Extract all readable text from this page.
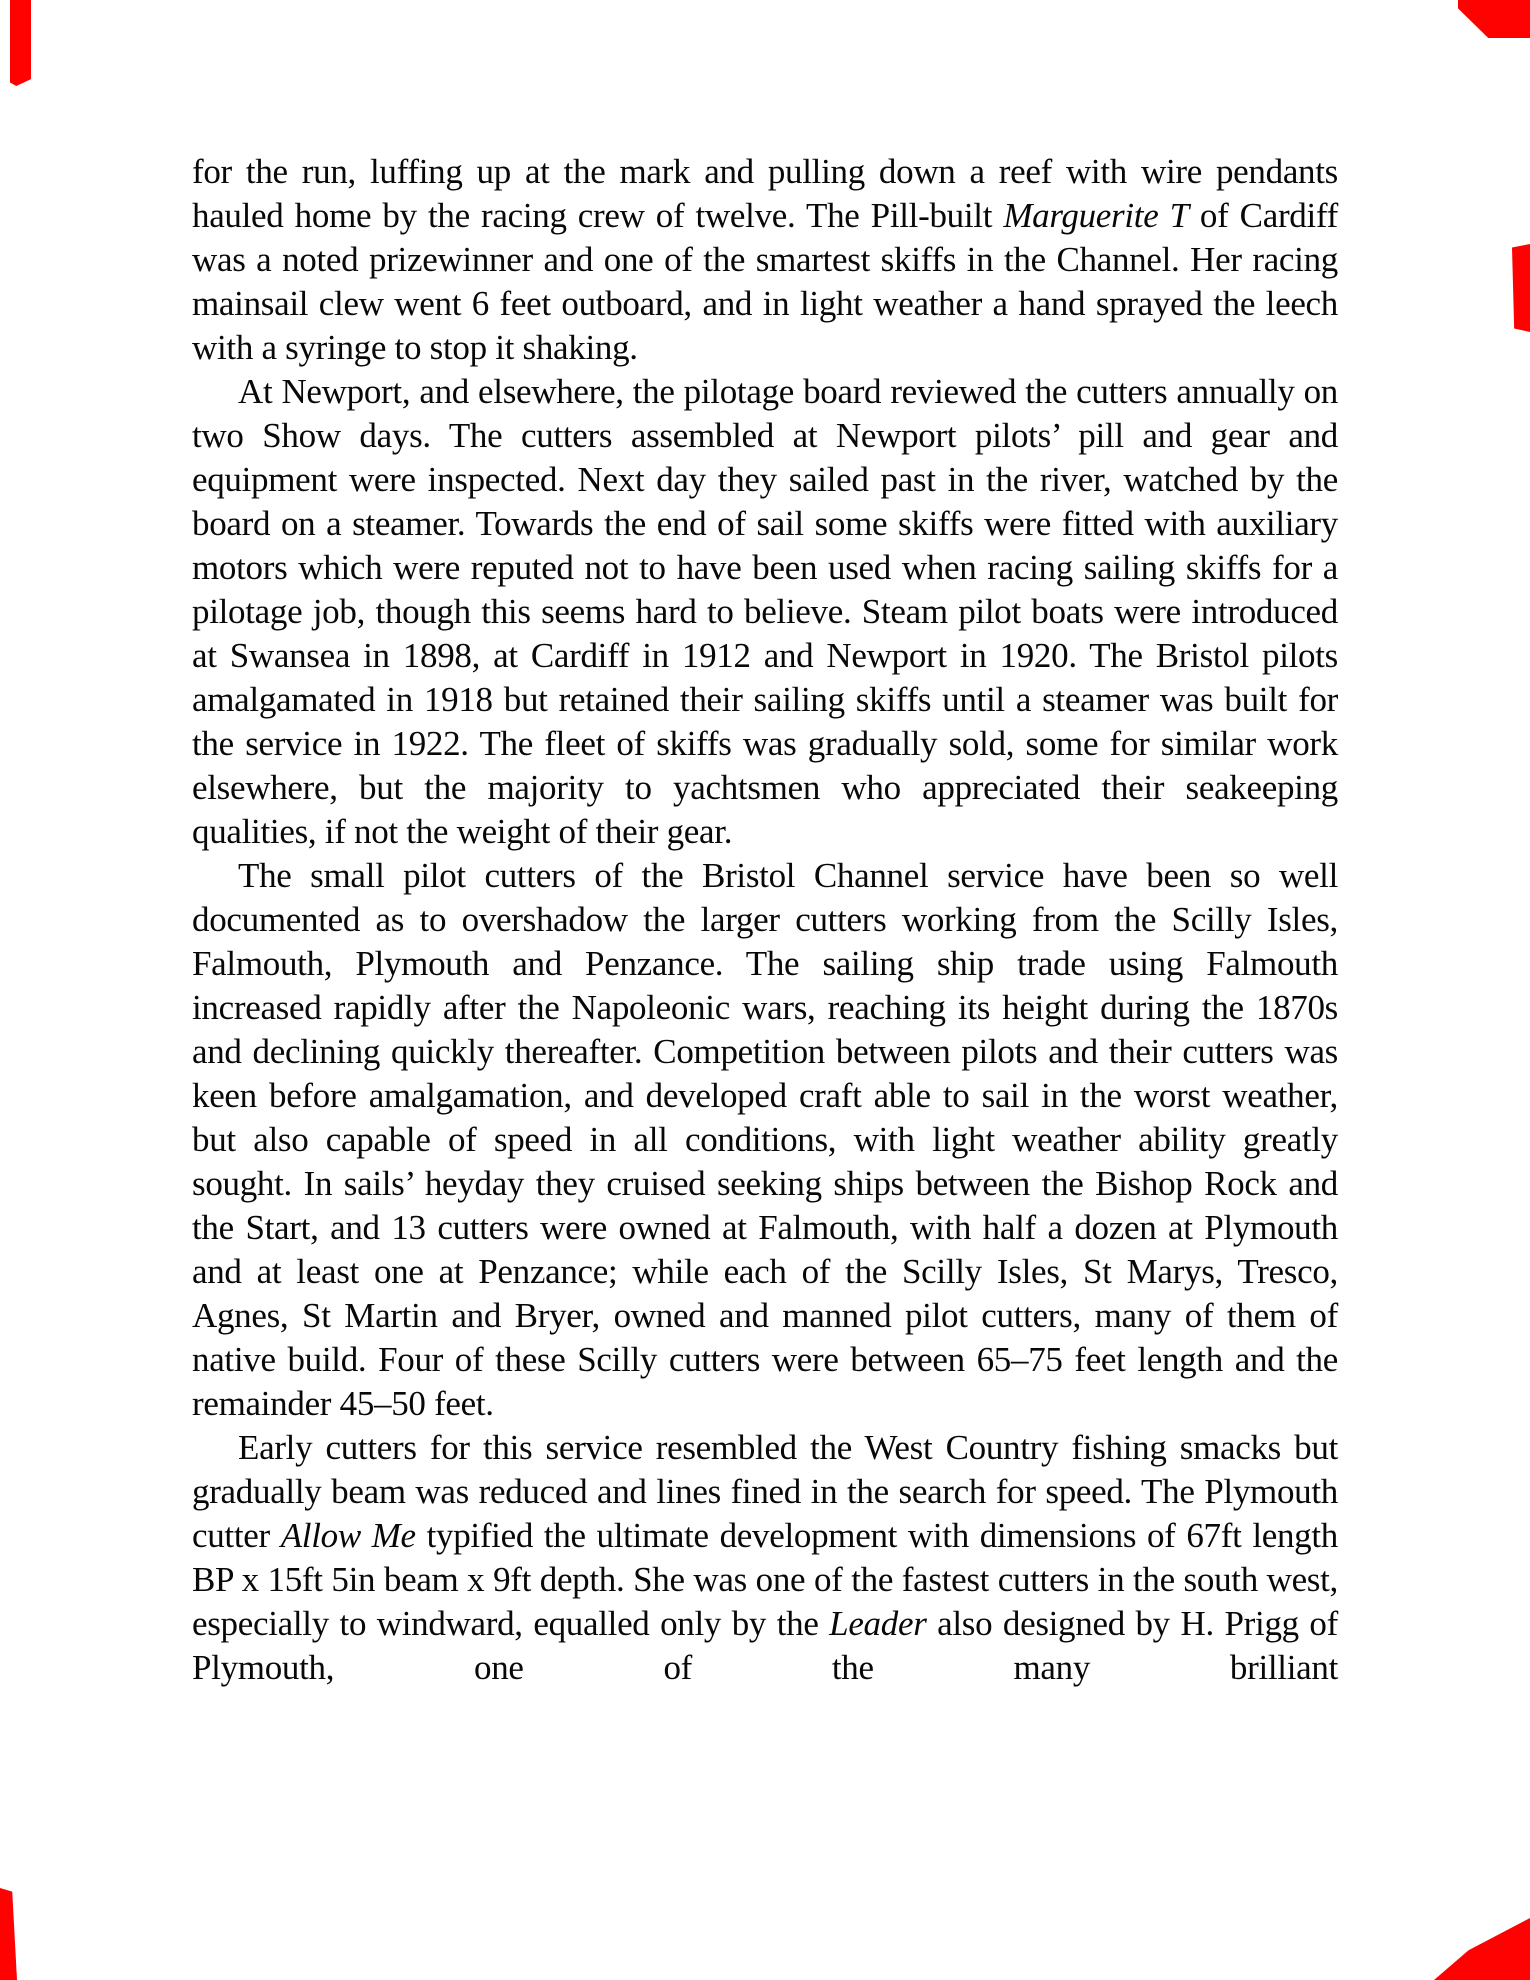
for the run, luffing up at the mark and pulling down a reef with wire pendants hauled home by the racing crew of twelve. The Pill-built Marguerite T of Cardiff was a noted prizewinner and one of the smartest skiffs in the Channel. Her racing mainsail clew went 6 feet outboard, and in light weather a hand sprayed the leech with a syringe to stop it shaking.

At Newport, and elsewhere, the pilotage board reviewed the cutters annually on two Show days. The cutters assembled at Newport pilots’ pill and gear and equipment were inspected. Next day they sailed past in the river, watched by the board on a steamer. Towards the end of sail some skiffs were fitted with auxiliary motors which were reputed not to have been used when racing sailing skiffs for a pilotage job, though this seems hard to believe. Steam pilot boats were introduced at Swansea in 1898, at Cardiff in 1912 and Newport in 1920. The Bristol pilots amalgamated in 1918 but retained their sailing skiffs until a steamer was built for the service in 1922. The fleet of skiffs was gradually sold, some for similar work elsewhere, but the majority to yachtsmen who appreciated their seakeeping qualities, if not the weight of their gear.

The small pilot cutters of the Bristol Channel service have been so well documented as to overshadow the larger cutters working from the Scilly Isles, Falmouth, Plymouth and Penzance. The sailing ship trade using Falmouth increased rapidly after the Napoleonic wars, reaching its height during the 1870s and declining quickly thereafter. Competition between pilots and their cutters was keen before amalgamation, and developed craft able to sail in the worst weather, but also capable of speed in all conditions, with light weather ability greatly sought. In sails’ heyday they cruised seeking ships between the Bishop Rock and the Start, and 13 cutters were owned at Falmouth, with half a dozen at Plymouth and at least one at Penzance; while each of the Scilly Isles, St Marys, Tresco, Agnes, St Martin and Bryer, owned and manned pilot cutters, many of them of native build. Four of these Scilly cutters were between 65–75 feet length and the remainder 45–50 feet.

Early cutters for this service resembled the West Country fishing smacks but gradually beam was reduced and lines fined in the search for speed. The Plymouth cutter Allow Me typified the ultimate development with dimensions of 67ft length BP x 15ft 5in beam x 9ft depth. She was one of the fastest cutters in the south west, especially to windward, equalled only by the Leader also designed by H. Prigg of Plymouth, one of the many brilliant
